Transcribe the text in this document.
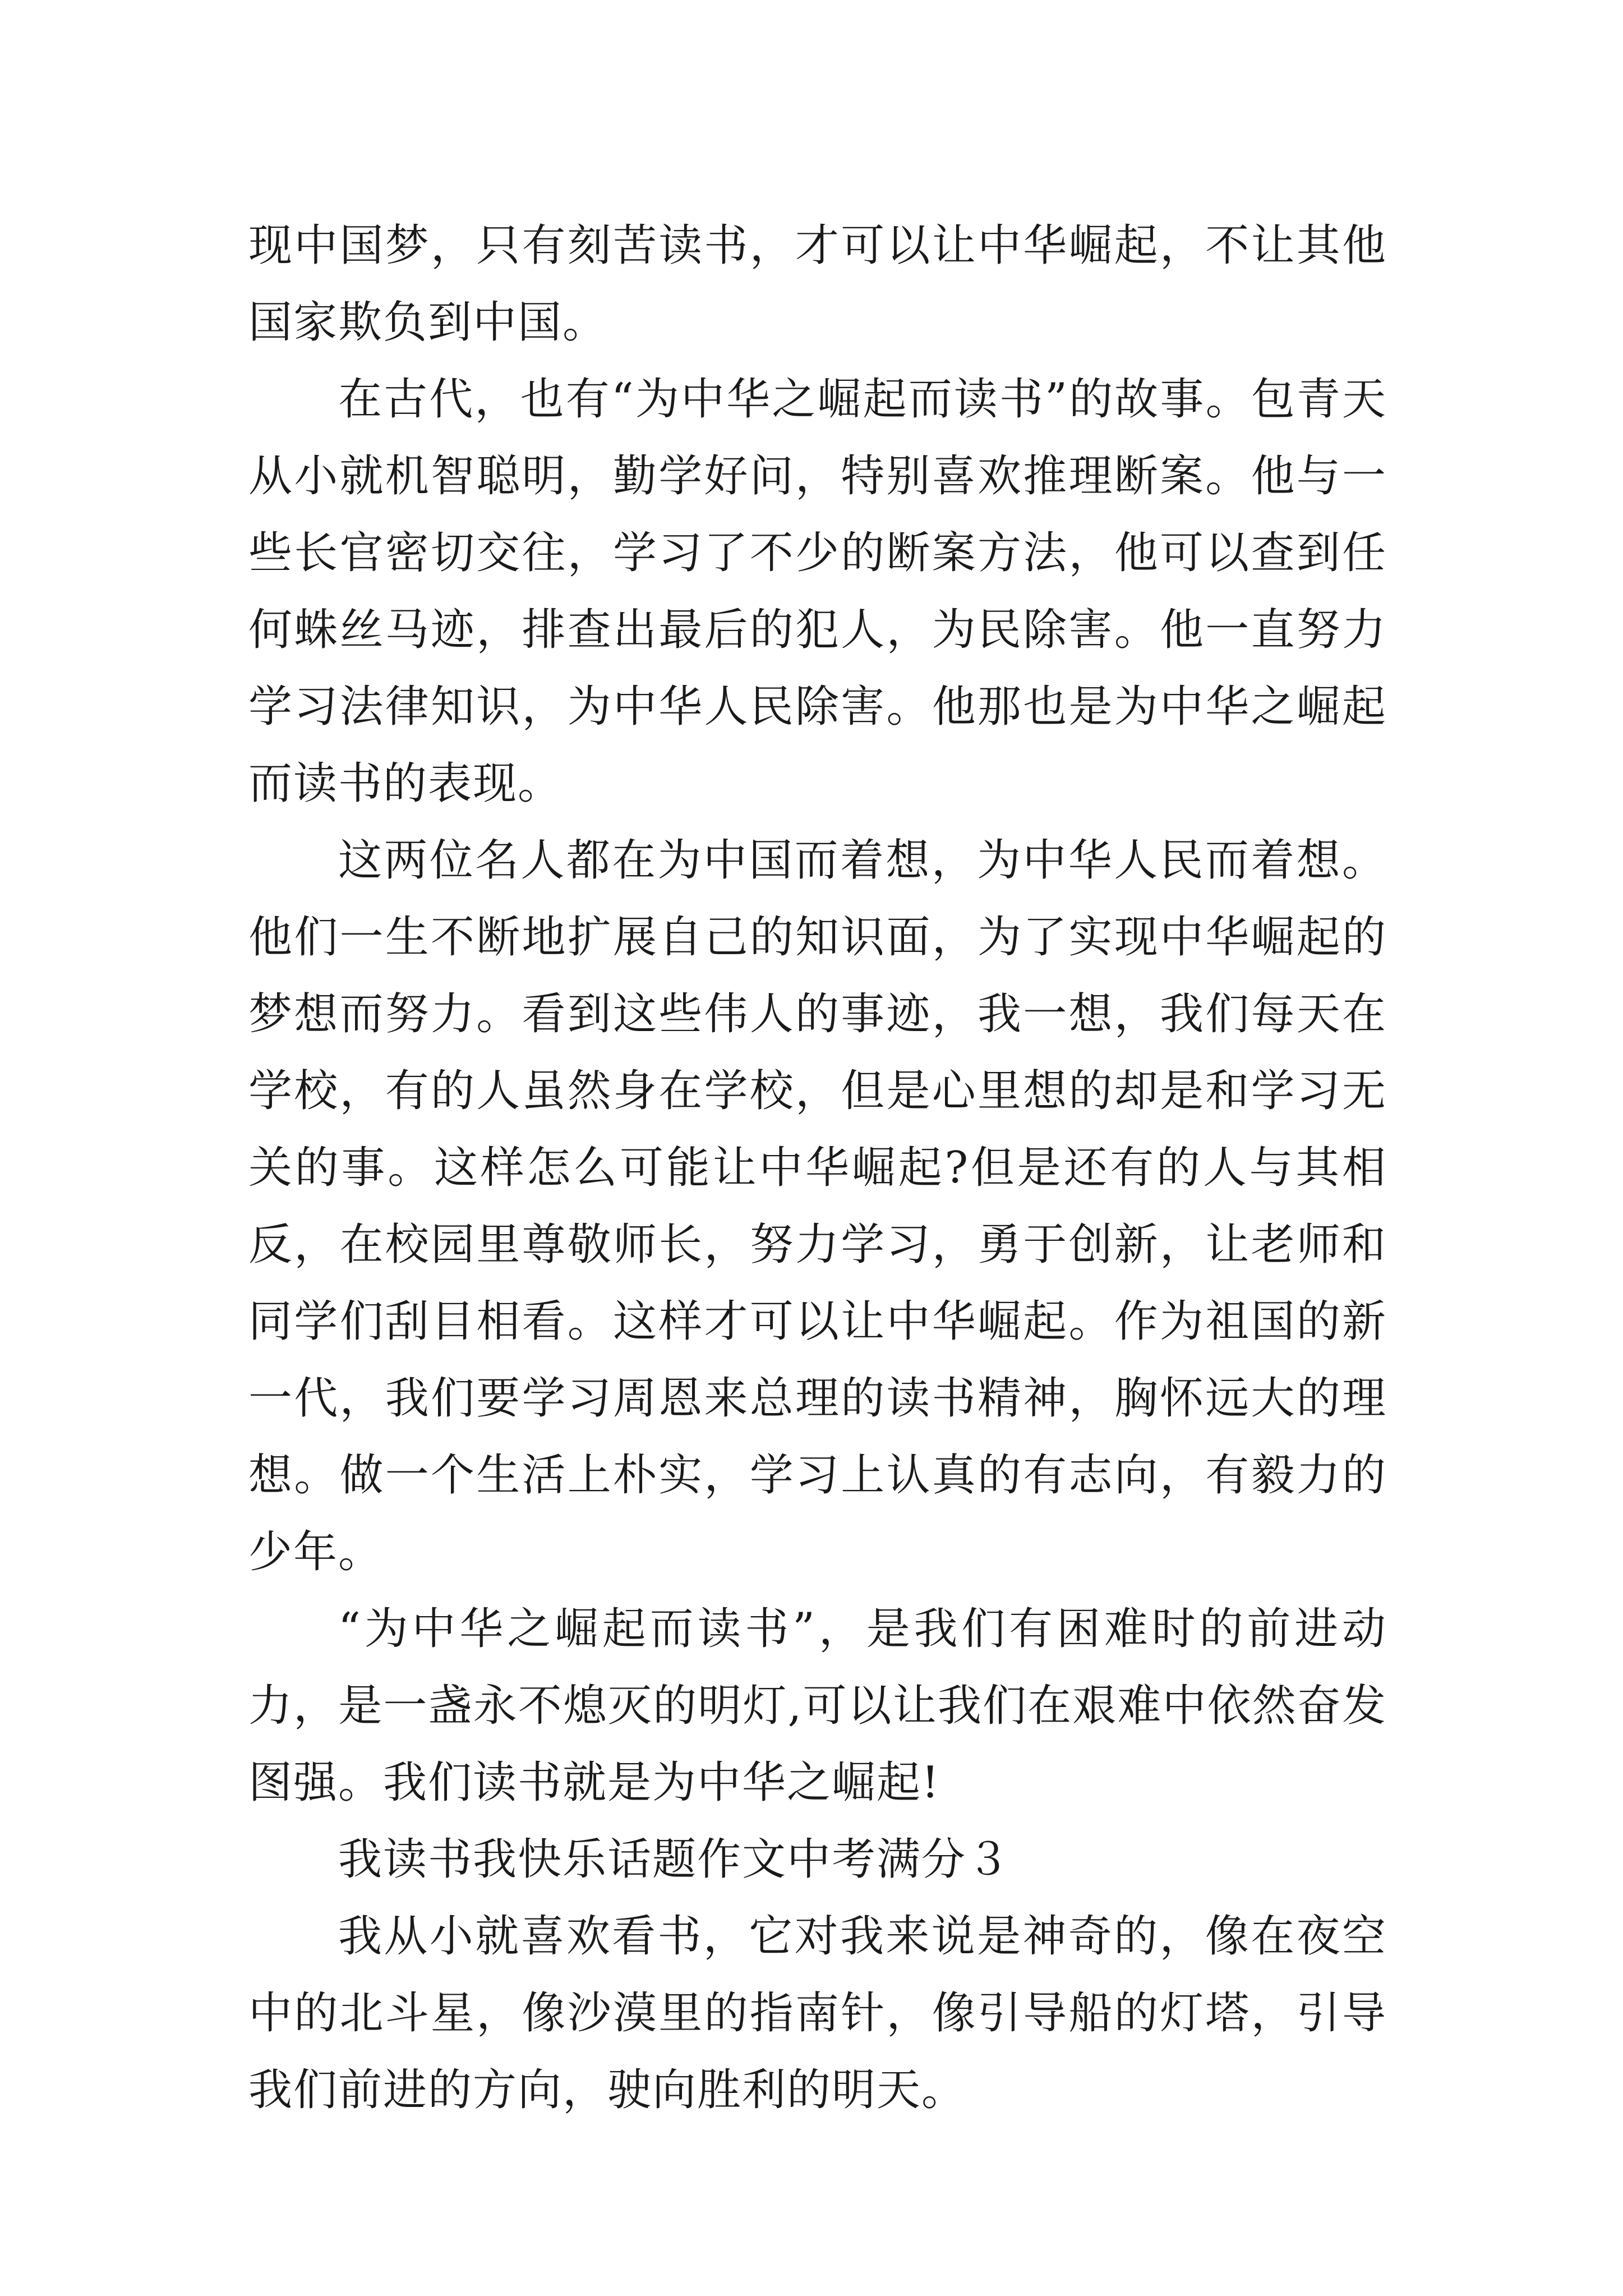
现中国梦，只有刻苦读书，才可以让中华崛起，不让其他国家欺负到中国。

在古代，也有“为中华之崛起而读书”的故事。包青天从小就机智聪明，勤学好问，特别喜欢推理断案。他与一些长官密切交往，学习了不少的断案方法，他可以查到任何蛛丝马迹，排查出最后的犯人，为民除害。他一直努力学习法律知识，为中华人民除害。他那也是为中华之崛起而读书的表现。

这两位名人都在为中国而着想，为中华人民而着想。他们一生不断地扩展自己的知识面，为了实现中华崛起的梦想而努力。看到这些伟人的事迹，我一想，我们每天在学校，有的人虽然身在学校，但是心里想的却是和学习无关的事。这样怎么可能让中华崛起?但是还有的人与其相反，在校园里尊敬师长，努力学习，勇于创新，让老师和同学们刮目相看。这样才可以让中华崛起。作为祖国的新一代，我们要学习周恩来总理的读书精神，胸怀远大的理想。做一个生活上朴实，学习上认真的有志向，有毅力的少年。

“为中华之崛起而读书”，是我们有困难时的前进动力，是一盏永不熄灭的明灯,可以让我们在艰难中依然奋发图强。我们读书就是为中华之崛起!

我读书我快乐话题作文中考满分３

我从小就喜欢看书，它对我来说是神奇的，像在夜空中的北斗星，像沙漠里的指南针，像引导船的灯塔，引导我们前进的方向，驶向胜利的明天。
